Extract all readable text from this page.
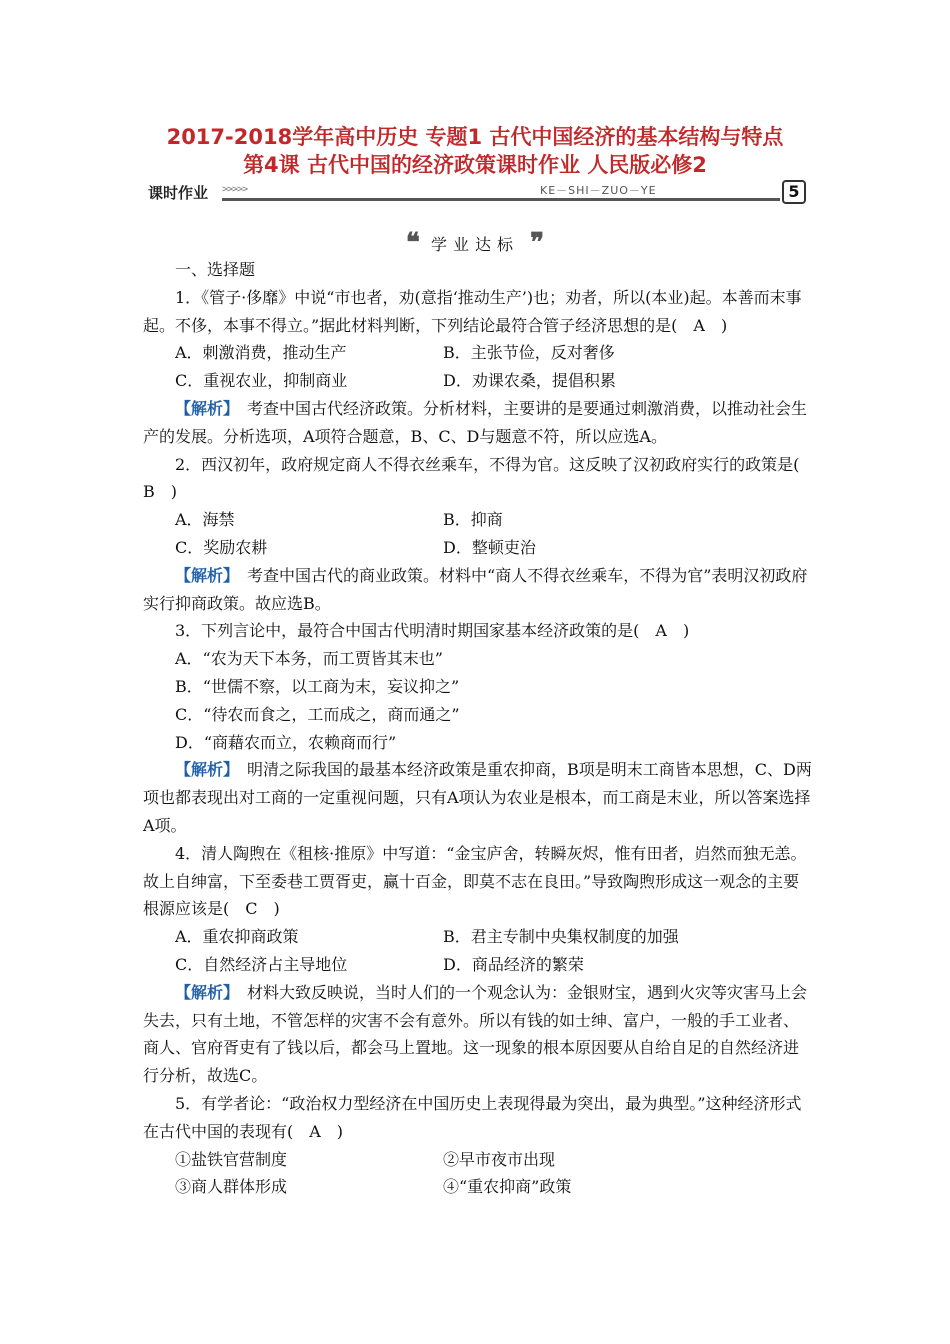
2017-2018学年高中历史 专题1 古代中国经济的基本结构与特点
第4课 古代中国的经济政策课时作业 人民版必修2
课时作业 >>>>>	KE－SHI－ZUO－YE	5
❝ 学业达标 ❞

一、选择题

1．《管子·侈靡》中说“市也者，劝(意指‘推动生产’)也；劝者，所以(本业)起。本善而末事起。不侈，本事不得立。”据此材料判断，下列结论最符合管子经济思想的是(　A　)

A．刺激消费，推动生产	B．主张节俭，反对奢侈
C．重视农业，抑制商业	D．劝课农桑，提倡积累

【解析】　考查中国古代经济政策。分析材料，主要讲的是要通过刺激消费，以推动社会生产的发展。分析选项，A项符合题意，B、C、D与题意不符，所以应选A。

2．西汉初年，政府规定商人不得衣丝乘车，不得为官。这反映了汉初政府实行的政策是(　B　)

A．海禁	B．抑商
C．奖励农耕	D．整顿吏治

【解析】　考查中国古代的商业政策。材料中“商人不得衣丝乘车，不得为官”表明汉初政府实行抑商政策。故应选B。

3．下列言论中，最符合中国古代明清时期国家基本经济政策的是(　A　)

A．“农为天下本务，而工贾皆其末也”

B．“世儒不察，以工商为末，妄议抑之”

C．“待农而食之，工而成之，商而通之”

D．“商藉农而立，农赖商而行”

【解析】　明清之际我国的最基本经济政策是重农抑商，B项是明末工商皆本思想，C、D两项也都表现出对工商的一定重视问题，只有A项认为农业是根本，而工商是末业，所以答案选择A项。

4．清人陶煦在《租核·推原》中写道：“金宝庐舍，转瞬灰烬，惟有田者，岿然而独无恙。故上自绅富，下至委巷工贾胥吏，赢十百金，即莫不志在良田。”导致陶煦形成这一观念的主要根源应该是(　C　)

A．重农抑商政策	B．君主专制中央集权制度的加强
C．自然经济占主导地位	D．商品经济的繁荣

【解析】　材料大致反映说，当时人们的一个观念认为：金银财宝，遇到火灾等灾害马上会失去，只有土地，不管怎样的灾害不会有意外。所以有钱的如士绅、富户，一般的手工业者、商人、官府胥吏有了钱以后，都会马上置地。这一现象的根本原因要从自给自足的自然经济进行分析，故选C。

5．有学者论：“政治权力型经济在中国历史上表现得最为突出，最为典型。”这种经济形式在古代中国的表现有(　A　)

①盐铁官营制度	②早市夜市出现
③商人群体形成	④“重农抑商”政策
